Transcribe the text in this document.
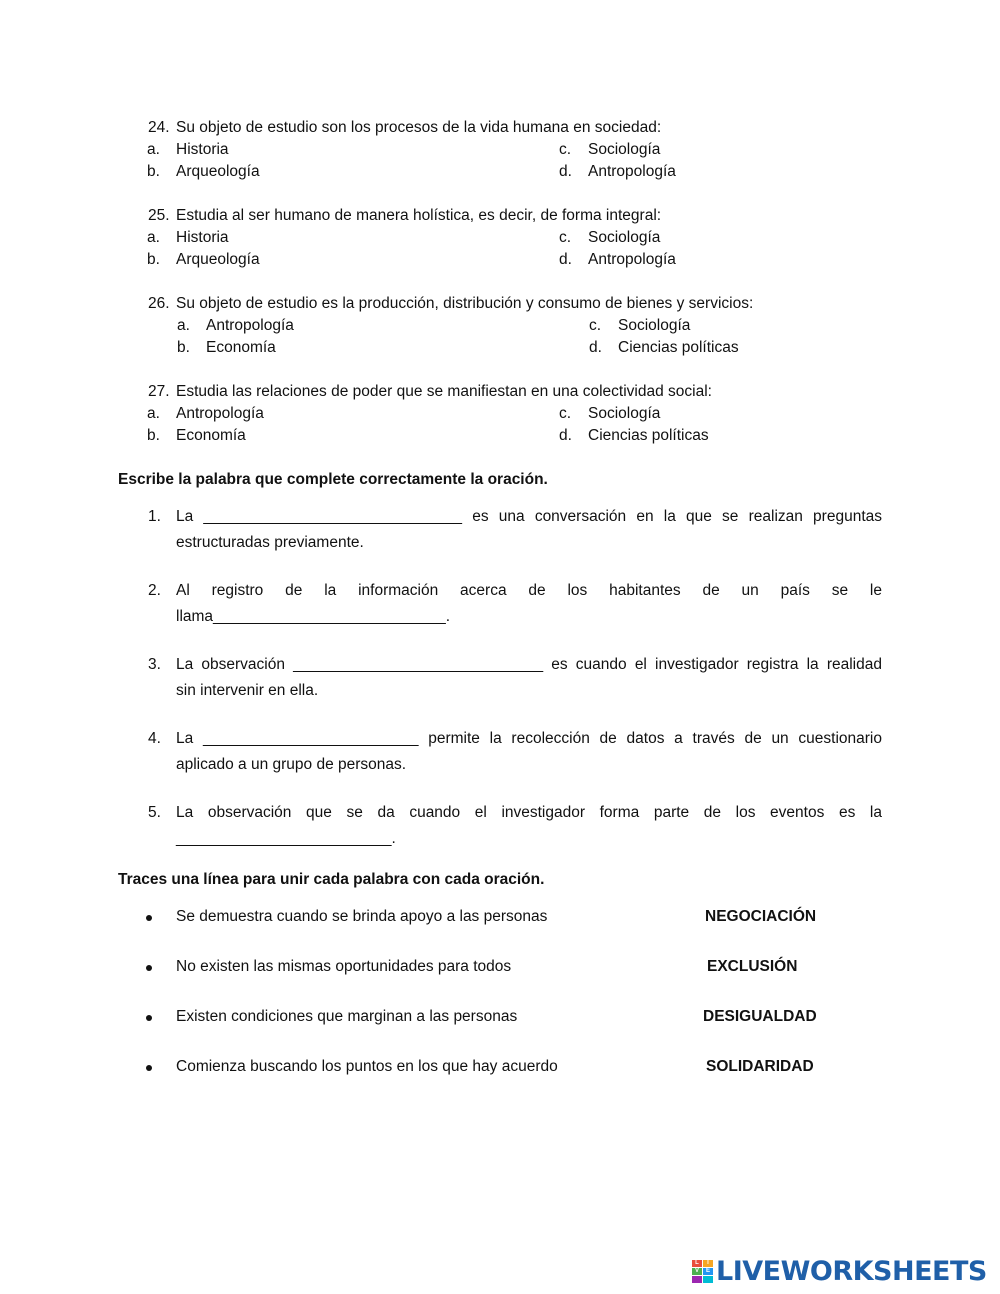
24. Su objeto de estudio son los procesos de la vida humana en sociedad:
a. Historia
b. Arqueología
c. Sociología
d. Antropología
25. Estudia al ser humano de manera holística, es decir, de forma integral:
a. Historia
b. Arqueología
c. Sociología
d. Antropología
26. Su objeto de estudio es la producción, distribución y consumo de bienes y servicios:
a. Antropología
b. Economía
c. Sociología
d. Ciencias políticas
27. Estudia las relaciones de poder que se manifiestan en una colectividad social:
a. Antropología
b. Economía
c. Sociología
d. Ciencias políticas
Escribe la palabra que complete correctamente la oración.
1. La ______________________________ es una conversación en la que se realizan preguntas
estructuradas previamente.
2. Al registro de la información acerca de los habitantes de un país se le
llama___________________________.
3. La observación _____________________________ es cuando el investigador registra la realidad
sin intervenir en ella.
4. La _________________________ permite la recolección de datos a través de un cuestionario
aplicado a un grupo de personas.
5. La observación que se da cuando el investigador forma parte de los eventos es la
_________________________.
Traces una línea para unir cada palabra con cada oración.
Se demuestra cuando se brinda apoyo a las personas	NEGOCIACIÓN
No existen las mismas oportunidades para todos	EXCLUSIÓN
Existen condiciones que marginan a las personas	DESIGUALDAD
Comienza buscando los puntos en los que hay acuerdo	SOLIDARIDAD
L	I
V	E LIVEWORKSHEETS
